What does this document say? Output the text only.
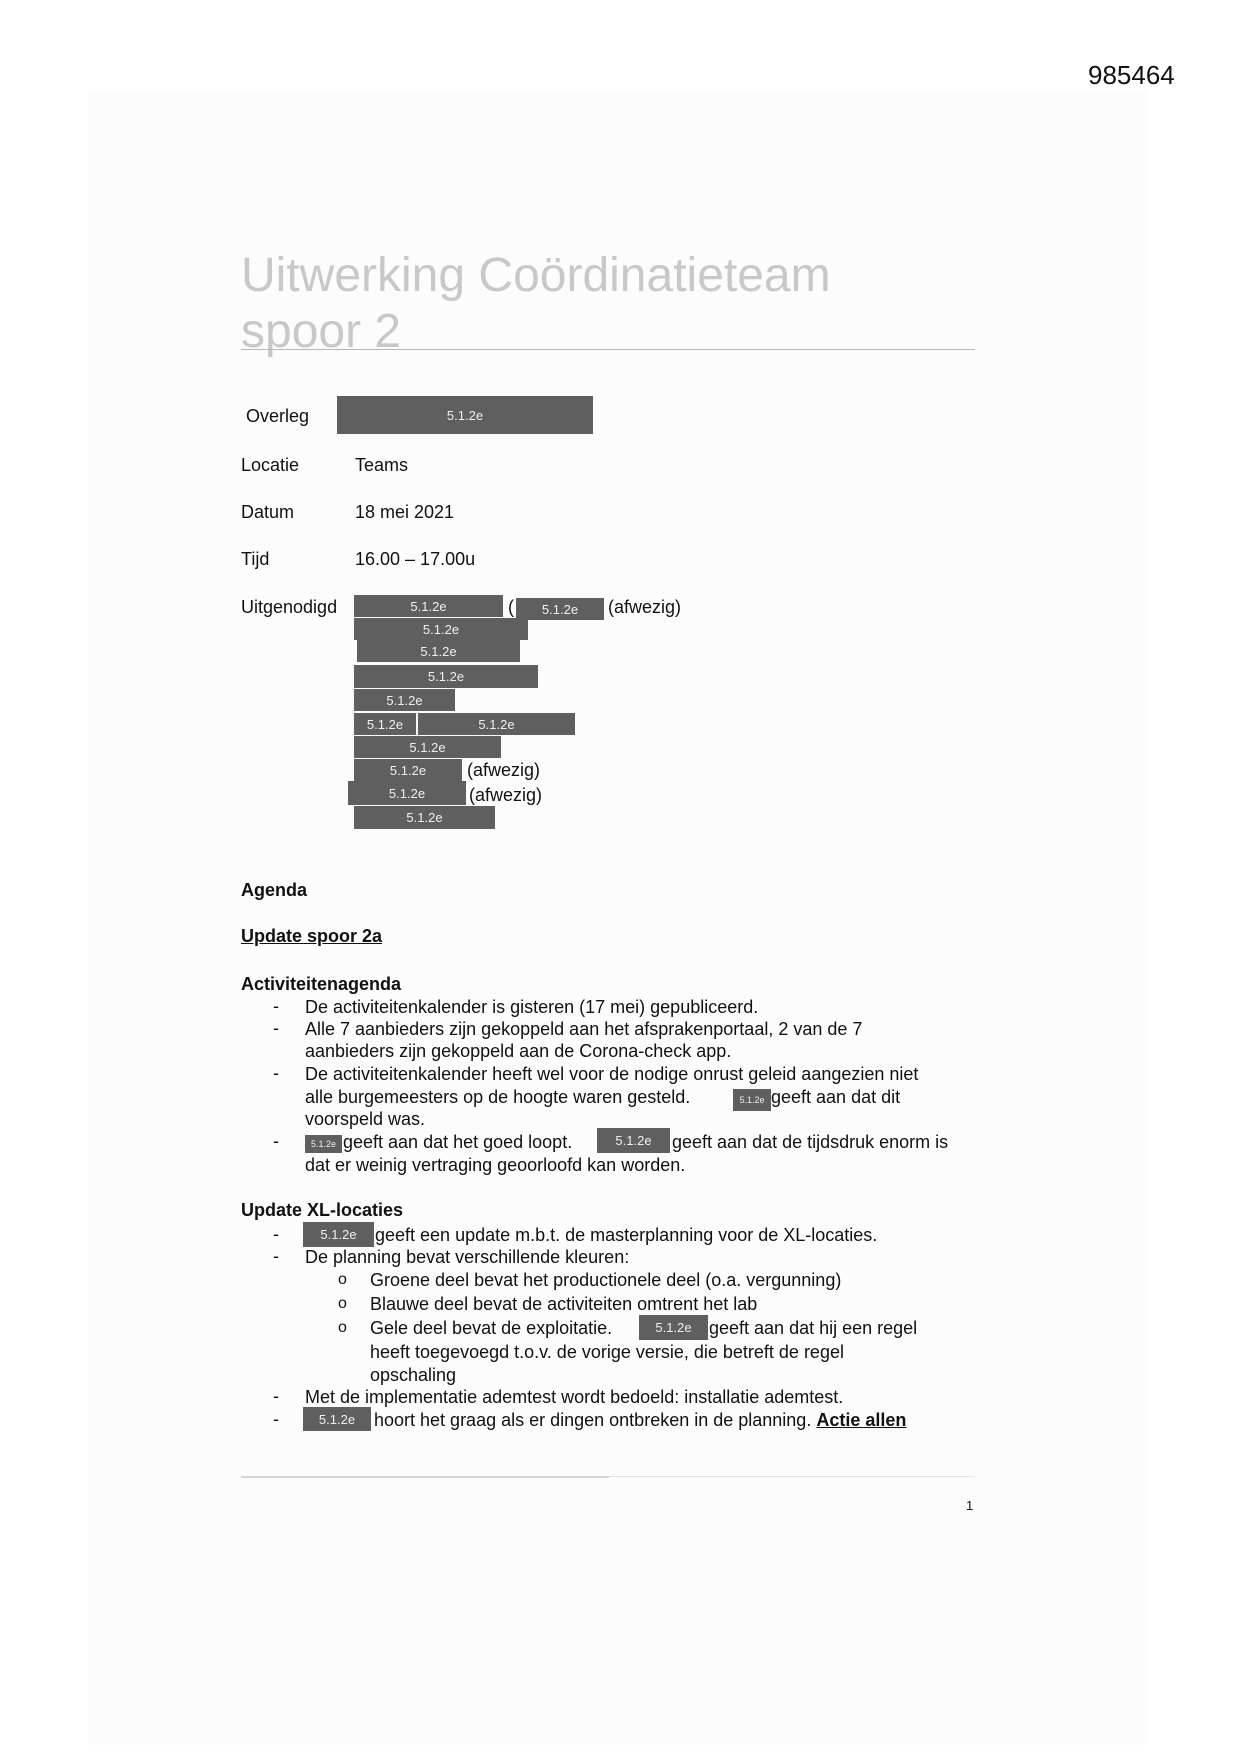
985464
Uitwerking Coördinatieteam
spoor 2
Overleg	5.1.2e
Locatie	Teams
Datum	18 mei 2021
Tijd	16.00 – 17.00u
Uitgenodigd	5.1.2e	(	5.1.2e	(afwezig)
5.1.2e
5.1.2e
5.1.2e
5.1.2e
5.1.2e	5.1.2e
5.1.2e
5.1.2e	(afwezig)
5.1.2e	(afwezig)
5.1.2e
Agenda
Update spoor 2a
Activiteitenagenda
- De activiteitenkalender is gisteren (17 mei) gepubliceerd.
- Alle 7 aanbieders zijn gekoppeld aan het afsprakenportaal, 2 van de 7
aanbieders zijn gekoppeld aan de Corona-check app.
- De activiteitenkalender heeft wel voor de nodige onrust geleid aangezien niet
alle burgemeesters op de hoogte waren gesteld.	5.1.2e geeft aan dat dit
voorspeld was.
-	5.1.2e geeft aan dat het goed loopt.	5.1.2e	geeft aan dat de tijdsdruk enorm is
dat er weinig vertraging geoorloofd kan worden.
Update XL-locaties
-	5.1.2e	geeft een update m.b.t. de masterplanning voor de XL-locaties.
- De planning bevat verschillende kleuren:
o Groene deel bevat het productionele deel (o.a. vergunning)
o Blauwe deel bevat de activiteiten omtrent het lab
o Gele deel bevat de exploitatie.	5.1.2e geeft aan dat hij een regel
heeft toegevoegd t.o.v. de vorige versie, die betreft de regel
opschaling
- Met de implementatie ademtest wordt bedoeld: installatie ademtest.
-	5.1.2e	hoort het graag als er dingen ontbreken in de planning. Actie allen
1
